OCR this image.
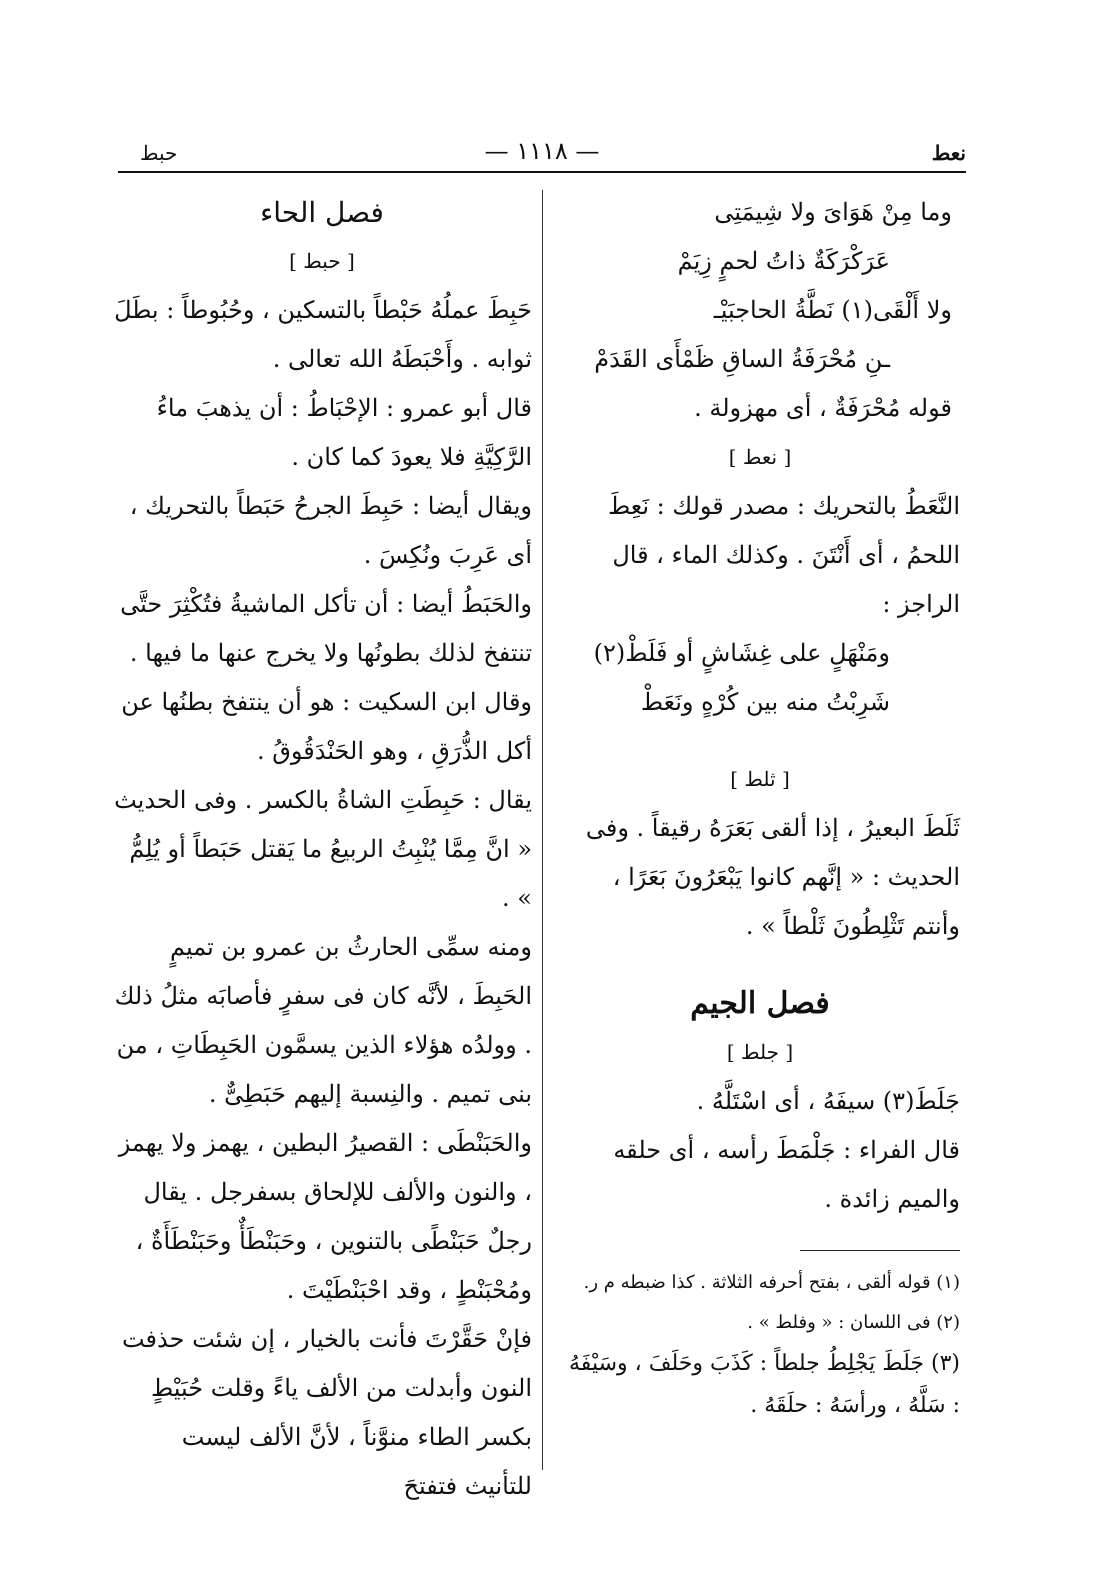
نعط
— ١١١٨ —
حبط

وما مِنْ هَوَاىَ ولا شِيمَتِى

عَرَكْرَكَةٌ ذاتُ لحمٍ زِيَمْ

ولا أَلْقَى(١) نَطَّةُ الحاجبَيْـ

ـنِ مُحْرَفَةُ الساقِ ظَمْأَى القَدَمْ

قوله مُحْرَفَةٌ ، أى مهزولة .

[ نعط ]

النَّعَطُ بالتحريك : مصدر قولك : نَعِطَ اللحمُ ، أى أَنْتَنَ . وكذلك الماء ، قال الراجز :

ومَنْهَلٍ على غِشَاشٍ أو فَلَطْ(٢)

شَرِبْتُ منه بين كُرْهٍ ونَعَطْ

[ ثلط ]

ثَلَطَ البعيرُ ، إذا ألقى بَعَرَهُ رقيقاً . وفى الحديث : « إنَّهم كانوا يَبْعَرُونَ بَعَرًا ، وأنتم تَثْلِطُونَ ثَلْطاً » .

فصل الجيم

[ جلط ]

جَلَطَ(٣) سيفَهُ ، أى اسْتَلَّهُ .

قال الفراء : جَلْمَطَ رأسه ، أى حلقه والميم زائدة .

(١) قوله ألقى ، بفتح أحرفه الثلاثة . كذا ضبطه م ر.

(٢) فى اللسان : « وفلط » .

(٣) جَلَطَ يَجْلِطُ جلطاً : كَذَبَ وحَلَفَ ، وسَيْفَهُ : سَلَّهُ ، ورأسَهُ : حلَقَهُ .

فصل الحاء

[ حبط ]

حَبِطَ عملُهُ حَبْطاً بالتسكين ، وحُبُوطاً : بطَلَ ثوابه . وأَحْبَطَهُ الله تعالى .

قال أبو عمرو : الإحْبَاطُ : أن يذهبَ ماءُ الرَّكِيَّةِ فلا يعودَ كما كان .

ويقال أيضا : حَبِطَ الجرحُ حَبَطاً بالتحريك ، أى عَرِبَ ونُكِسَ .

والحَبَطُ أيضا : أن تأكل الماشيةُ فتُكْثِرَ حتَّى تنتفخ لذلك بطونُها ولا يخرج عنها ما فيها .

وقال ابن السكيت : هو أن ينتفخ بطنُها عن أكل الذُّرَقِ ، وهو الحَنْدَقُوقُ .

يقال : حَبِطَتِ الشاةُ بالكسر . وفى الحديث « انَّ مِمَّا يُنْبِتُ الربيعُ ما يَقتل حَبَطاً أو يُلِمُّ » .

ومنه سمِّى الحارثُ بن عمرو بن تميمٍ الحَبِطَ ، لأنَّه كان فى سفرٍ فأصابَه مثلُ ذلك . وولدُه هؤلاء الذين يسمَّون الحَبِطَاتِ ، من بنى تميم . والنِسبة إليهم حَبَطِىٌّ .

والحَبَنْطَى : القصيرُ البطين ، يهمز ولا يهمز ، والنون والألف للإلحاق بسفرجل . يقال رجلٌ حَبَنْطًى بالتنوين ، وحَبَنْطَأٌ وحَبَنْطَأَةٌ ، ومُحْبَنْطٍ ، وقد احْبَنْطَيْتَ .

فإنْ حَقَّرْتَ فأنت بالخيار ، إن شئت حذفت النون وأبدلت من الألف ياءً وقلت حُبَيْطٍ بكسر الطاء منوَّناً ، لأنَّ الألف ليست للتأنيث فتفتحَ
